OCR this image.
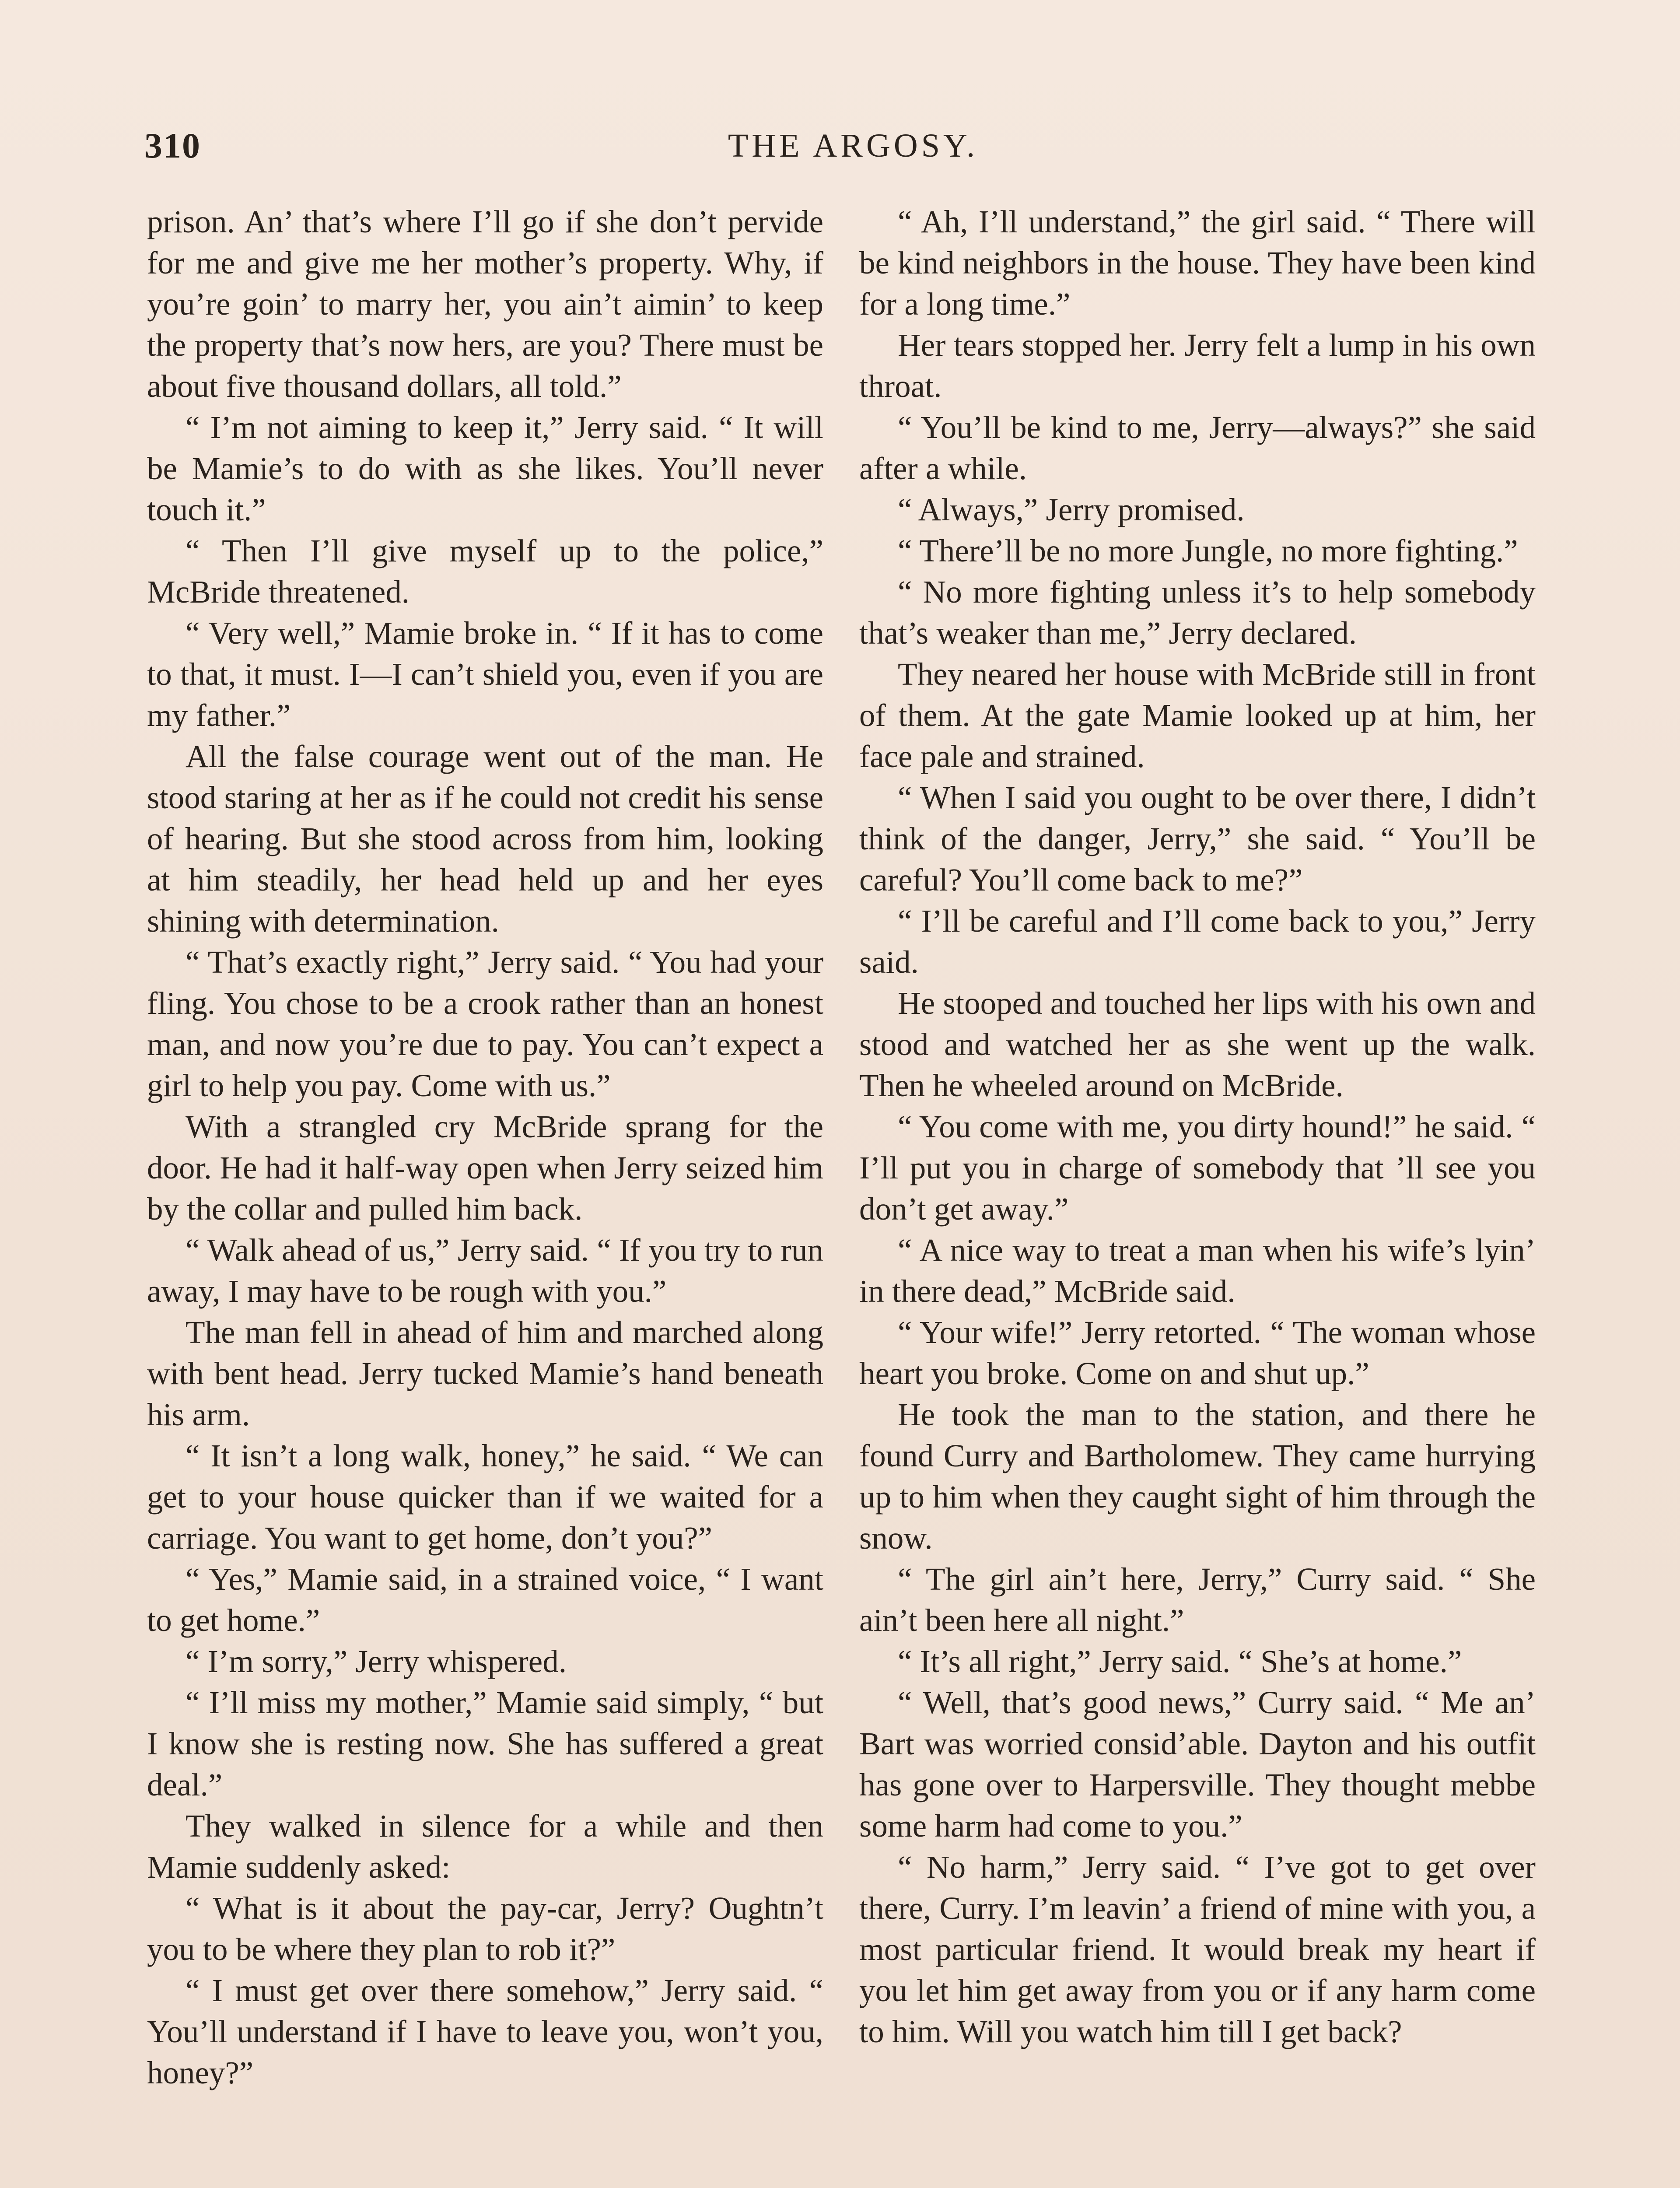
310	THE ARGOSY.

prison. An’ that’s where I’ll go if she don’t pervide for me and give me her mother’s property. Why, if you’re goin’ to marry her, you ain’t aimin’ to keep the property that’s now hers, are you? There must be about five thousand dollars, all told.”

“ I’m not aiming to keep it,” Jerry said. “ It will be Mamie’s to do with as she likes. You’ll never touch it.”

“ Then I’ll give myself up to the police,” McBride threatened.

“ Very well,” Mamie broke in. “ If it has to come to that, it must. I—I can’t shield you, even if you are my father.”

All the false courage went out of the man. He stood staring at her as if he could not credit his sense of hearing. But she stood across from him, looking at him steadily, her head held up and her eyes shining with determination.

“ That’s exactly right,” Jerry said. “ You had your fling. You chose to be a crook rather than an honest man, and now you’re due to pay. You can’t expect a girl to help you pay. Come with us.”

With a strangled cry McBride sprang for the door. He had it half-way open when Jerry seized him by the collar and pulled him back.

“ Walk ahead of us,” Jerry said. “ If you try to run away, I may have to be rough with you.”

The man fell in ahead of him and marched along with bent head. Jerry tucked Mamie’s hand beneath his arm.

“ It isn’t a long walk, honey,” he said. “ We can get to your house quicker than if we waited for a carriage. You want to get home, don’t you?”

“ Yes,” Mamie said, in a strained voice, “ I want to get home.”

“ I’m sorry,” Jerry whispered.

“ I’ll miss my mother,” Mamie said simply, “ but I know she is resting now. She has suffered a great deal.”

They walked in silence for a while and then Mamie suddenly asked:

“ What is it about the pay-car, Jerry? Oughtn’t you to be where they plan to rob it?”

“ I must get over there somehow,” Jerry said. “ You’ll understand if I have to leave you, won’t you, honey?”

“ Ah, I’ll understand,” the girl said. “ There will be kind neighbors in the house. They have been kind for a long time.”

Her tears stopped her. Jerry felt a lump in his own throat.

“ You’ll be kind to me, Jerry—always?” she said after a while.

“ Always,” Jerry promised.

“ There’ll be no more Jungle, no more fighting.”

“ No more fighting unless it’s to help somebody that’s weaker than me,” Jerry declared.

They neared her house with McBride still in front of them. At the gate Mamie looked up at him, her face pale and strained.

“ When I said you ought to be over there, I didn’t think of the danger, Jerry,” she said. “ You’ll be careful? You’ll come back to me?”

“ I’ll be careful and I’ll come back to you,” Jerry said.

He stooped and touched her lips with his own and stood and watched her as she went up the walk. Then he wheeled around on McBride.

“ You come with me, you dirty hound!” he said. “ I’ll put you in charge of somebody that ’ll see you don’t get away.”

“ A nice way to treat a man when his wife’s lyin’ in there dead,” McBride said.

“ Your wife!” Jerry retorted. “ The woman whose heart you broke. Come on and shut up.”

He took the man to the station, and there he found Curry and Bartholomew. They came hurrying up to him when they caught sight of him through the snow.

“ The girl ain’t here, Jerry,” Curry said. “ She ain’t been here all night.”

“ It’s all right,” Jerry said. “ She’s at home.”

“ Well, that’s good news,” Curry said. “ Me an’ Bart was worried consid’able. Dayton and his outfit has gone over to Harpersville. They thought mebbe some harm had come to you.”

“ No harm,” Jerry said. “ I’ve got to get over there, Curry. I’m leavin’ a friend of mine with you, a most particular friend. It would break my heart if you let him get away from you or if any harm come to him. Will you watch him till I get back?
